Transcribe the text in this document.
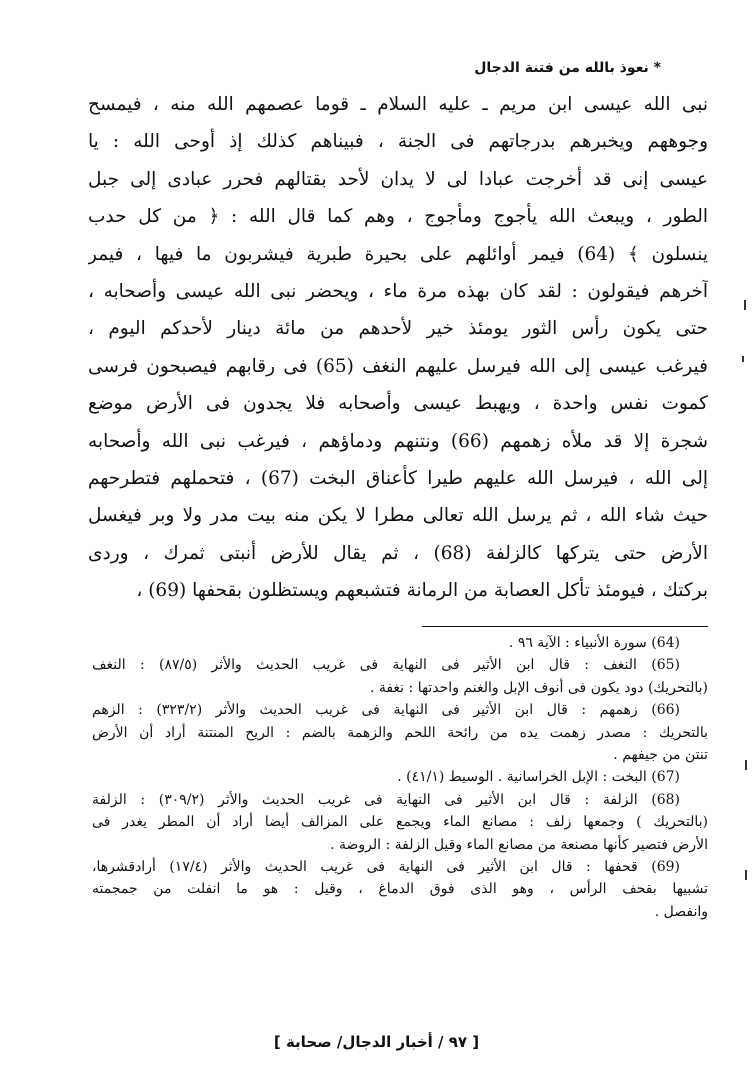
* نعوذ بالله من فتنة الدجال
نبى الله عيسى ابن مريم ـ عليه السلام ـ قوما عصمهم الله منه ، فيمسح
وجوههم ويخبرهم بدرجاتهم فى الجنة ، فبيناهم كذلك إذ أوحى الله : يا
عيسى إنى قد أخرجت عبادا لى لا يدان لأحد بقتالهم فحرر عبادى إلى جبل
الطور ، ويبعث الله يأجوج ومأجوج ، وهم كما قال الله : ﴿ من كل حدب
ينسلون ﴾ (64) فيمر أوائلهم على بحيرة طبرية فيشربون ما فيها ، فيمر
آخرهم فيقولون : لقد كان بهذه مرة ماء ، ويحضر نبى الله عيسى وأصحابه ،
حتى يكون رأس الثور يومئذ خير لأحدهم من مائة دينار لأحدكم اليوم ،
فيرغب عيسى إلى الله فيرسل عليهم النغف (65) فى رقابهم فيصبحون فرسى
كموت نفس واحدة ، ويهبط عيسى وأصحابه فلا يجدون فى الأرض موضع
شجرة إلا قد ملأه زهمهم (66) ونتنهم ودماؤهم ، فيرغب نبى الله وأصحابه
إلى الله ، فيرسل الله عليهم طيرا كأعناق البخت (67) ، فتحملهم فتطرحهم
حيث شاء الله ، ثم يرسل الله تعالى مطرا لا يكن منه بيت مدر ولا وبر فيغسل
الأرض حتى يتركها كالزلفة (68) ، ثم يقال للأرض أنبتى ثمرك ، وردى
بركتك ، فيومئذ تأكل العصابة من الرمانة فتشبعهم ويستظلون بقحفها (69) ،
(64) سورة الأنبياء : الآية ٩٦ .
(65) النغف : قال ابن الأثير فى النهاية فى غريب الحديث والأثر (٨٧/٥) : النغف
(بالتحريك) دود يكون فى أنوف الإبل والغنم واحدتها : نغفة .
(66) زهمهم : قال ابن الأثير فى النهاية فى غريب الحديث والأثر (٣٢٣/٢) : الزهم
بالتحريك : مصدر زهمت يده من رائحة اللحم والزهمة بالضم : الريح المنتنة أراد أن الأرض
تنتن من جيفهم .
(67) البخت : الإبل الخراسانية . الوسيط (٤١/١) .
(68) الزلفة : قال ابن الأثير فى النهاية فى غريب الحديث والأثر (٣٠٩/٢) : الزلفة
(بالتحريك ) وجمعها زلف : مصانع الماء ويجمع على المزالف أيضا أراد أن المطر يغدر فى
الأرض فتصير كأنها مصنعة من مصانع الماء وقيل الزلفة : الروضة .
(69) قحفها : قال ابن الأثير فى النهاية فى غريب الحديث والأثر (١٧/٤) أرادقشرها،
تشبيها بقحف الرأس ، وهو الذى فوق الدماغ ، وقيل : هو ما انفلت من جمجمته
وانفصل .
[ ٩٧ / أخبار الدجال/ صحابة ]
